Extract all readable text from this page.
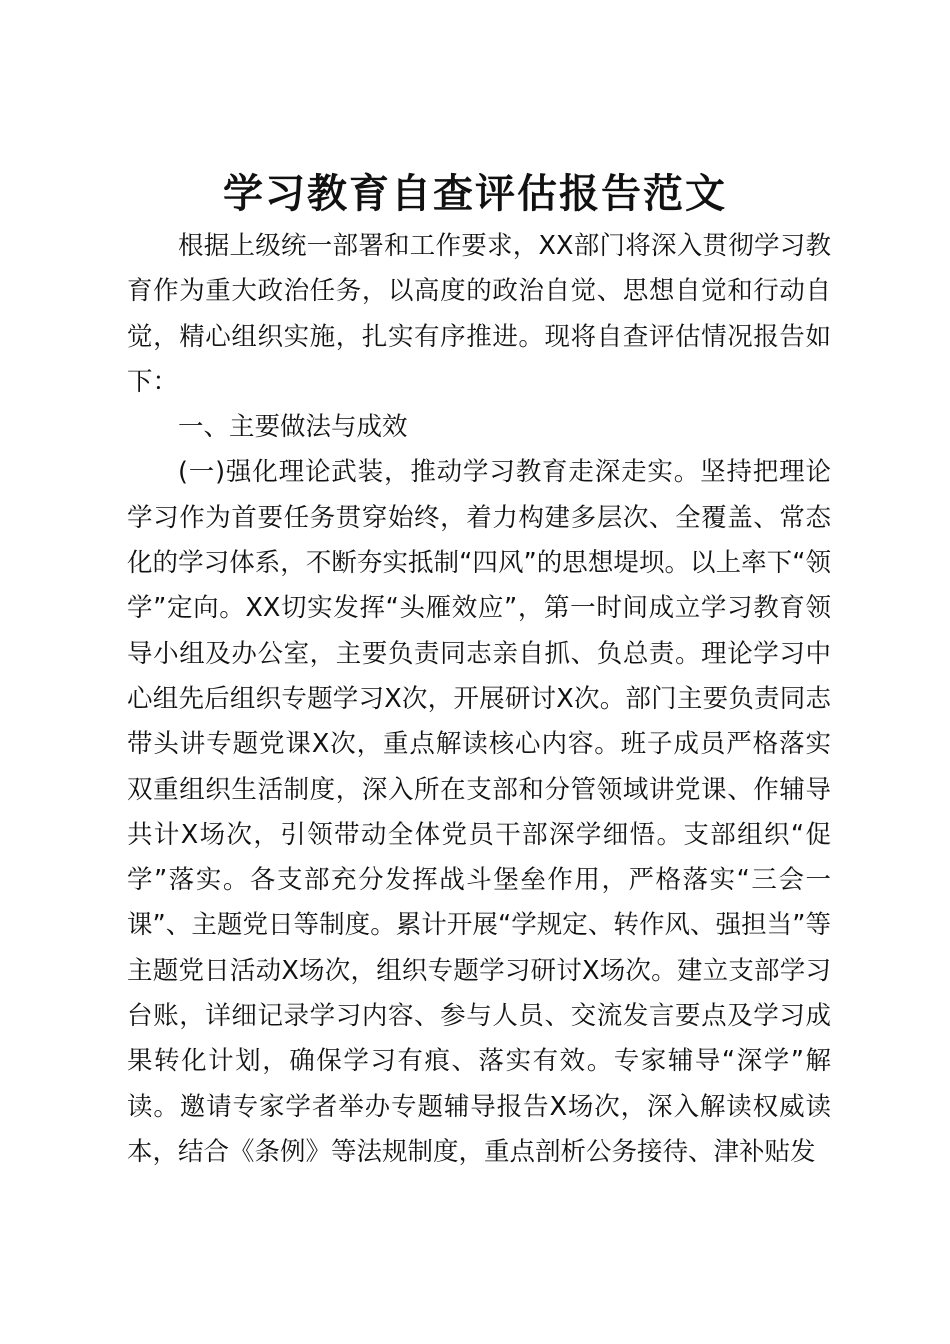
学习教育自查评估报告范文

根据上级统一部署和工作要求，XX部门将深入贯彻学习教育作为重大政治任务，以高度的政治自觉、思想自觉和行动自觉，精心组织实施，扎实有序推进。现将自查评估情况报告如下：

一、主要做法与成效

(一)强化理论武装，推动学习教育走深走实。坚持把理论学习作为首要任务贯穿始终，着力构建多层次、全覆盖、常态化的学习体系，不断夯实抵制“四风”的思想堤坝。以上率下“领学”定向。XX切实发挥“头雁效应”，第一时间成立学习教育领导小组及办公室，主要负责同志亲自抓、负总责。理论学习中心组先后组织专题学习X次，开展研讨X次。部门主要负责同志带头讲专题党课X次，重点解读核心内容。班子成员严格落实双重组织生活制度，深入所在支部和分管领域讲党课、作辅导共计X场次，引领带动全体党员干部深学细悟。支部组织“促学”落实。各支部充分发挥战斗堡垒作用，严格落实“三会一课”、主题党日等制度。累计开展“学规定、转作风、强担当”等主题党日活动X场次，组织专题学习研讨X场次。建立支部学习台账，详细记录学习内容、参与人员、交流发言要点及学习成果转化计划，确保学习有痕、落实有效。专家辅导“深学”解读。邀请专家学者举办专题辅导报告X场次，深入解读权威读本，结合《条例》等法规制度，重点剖析公务接待、津补贴发
